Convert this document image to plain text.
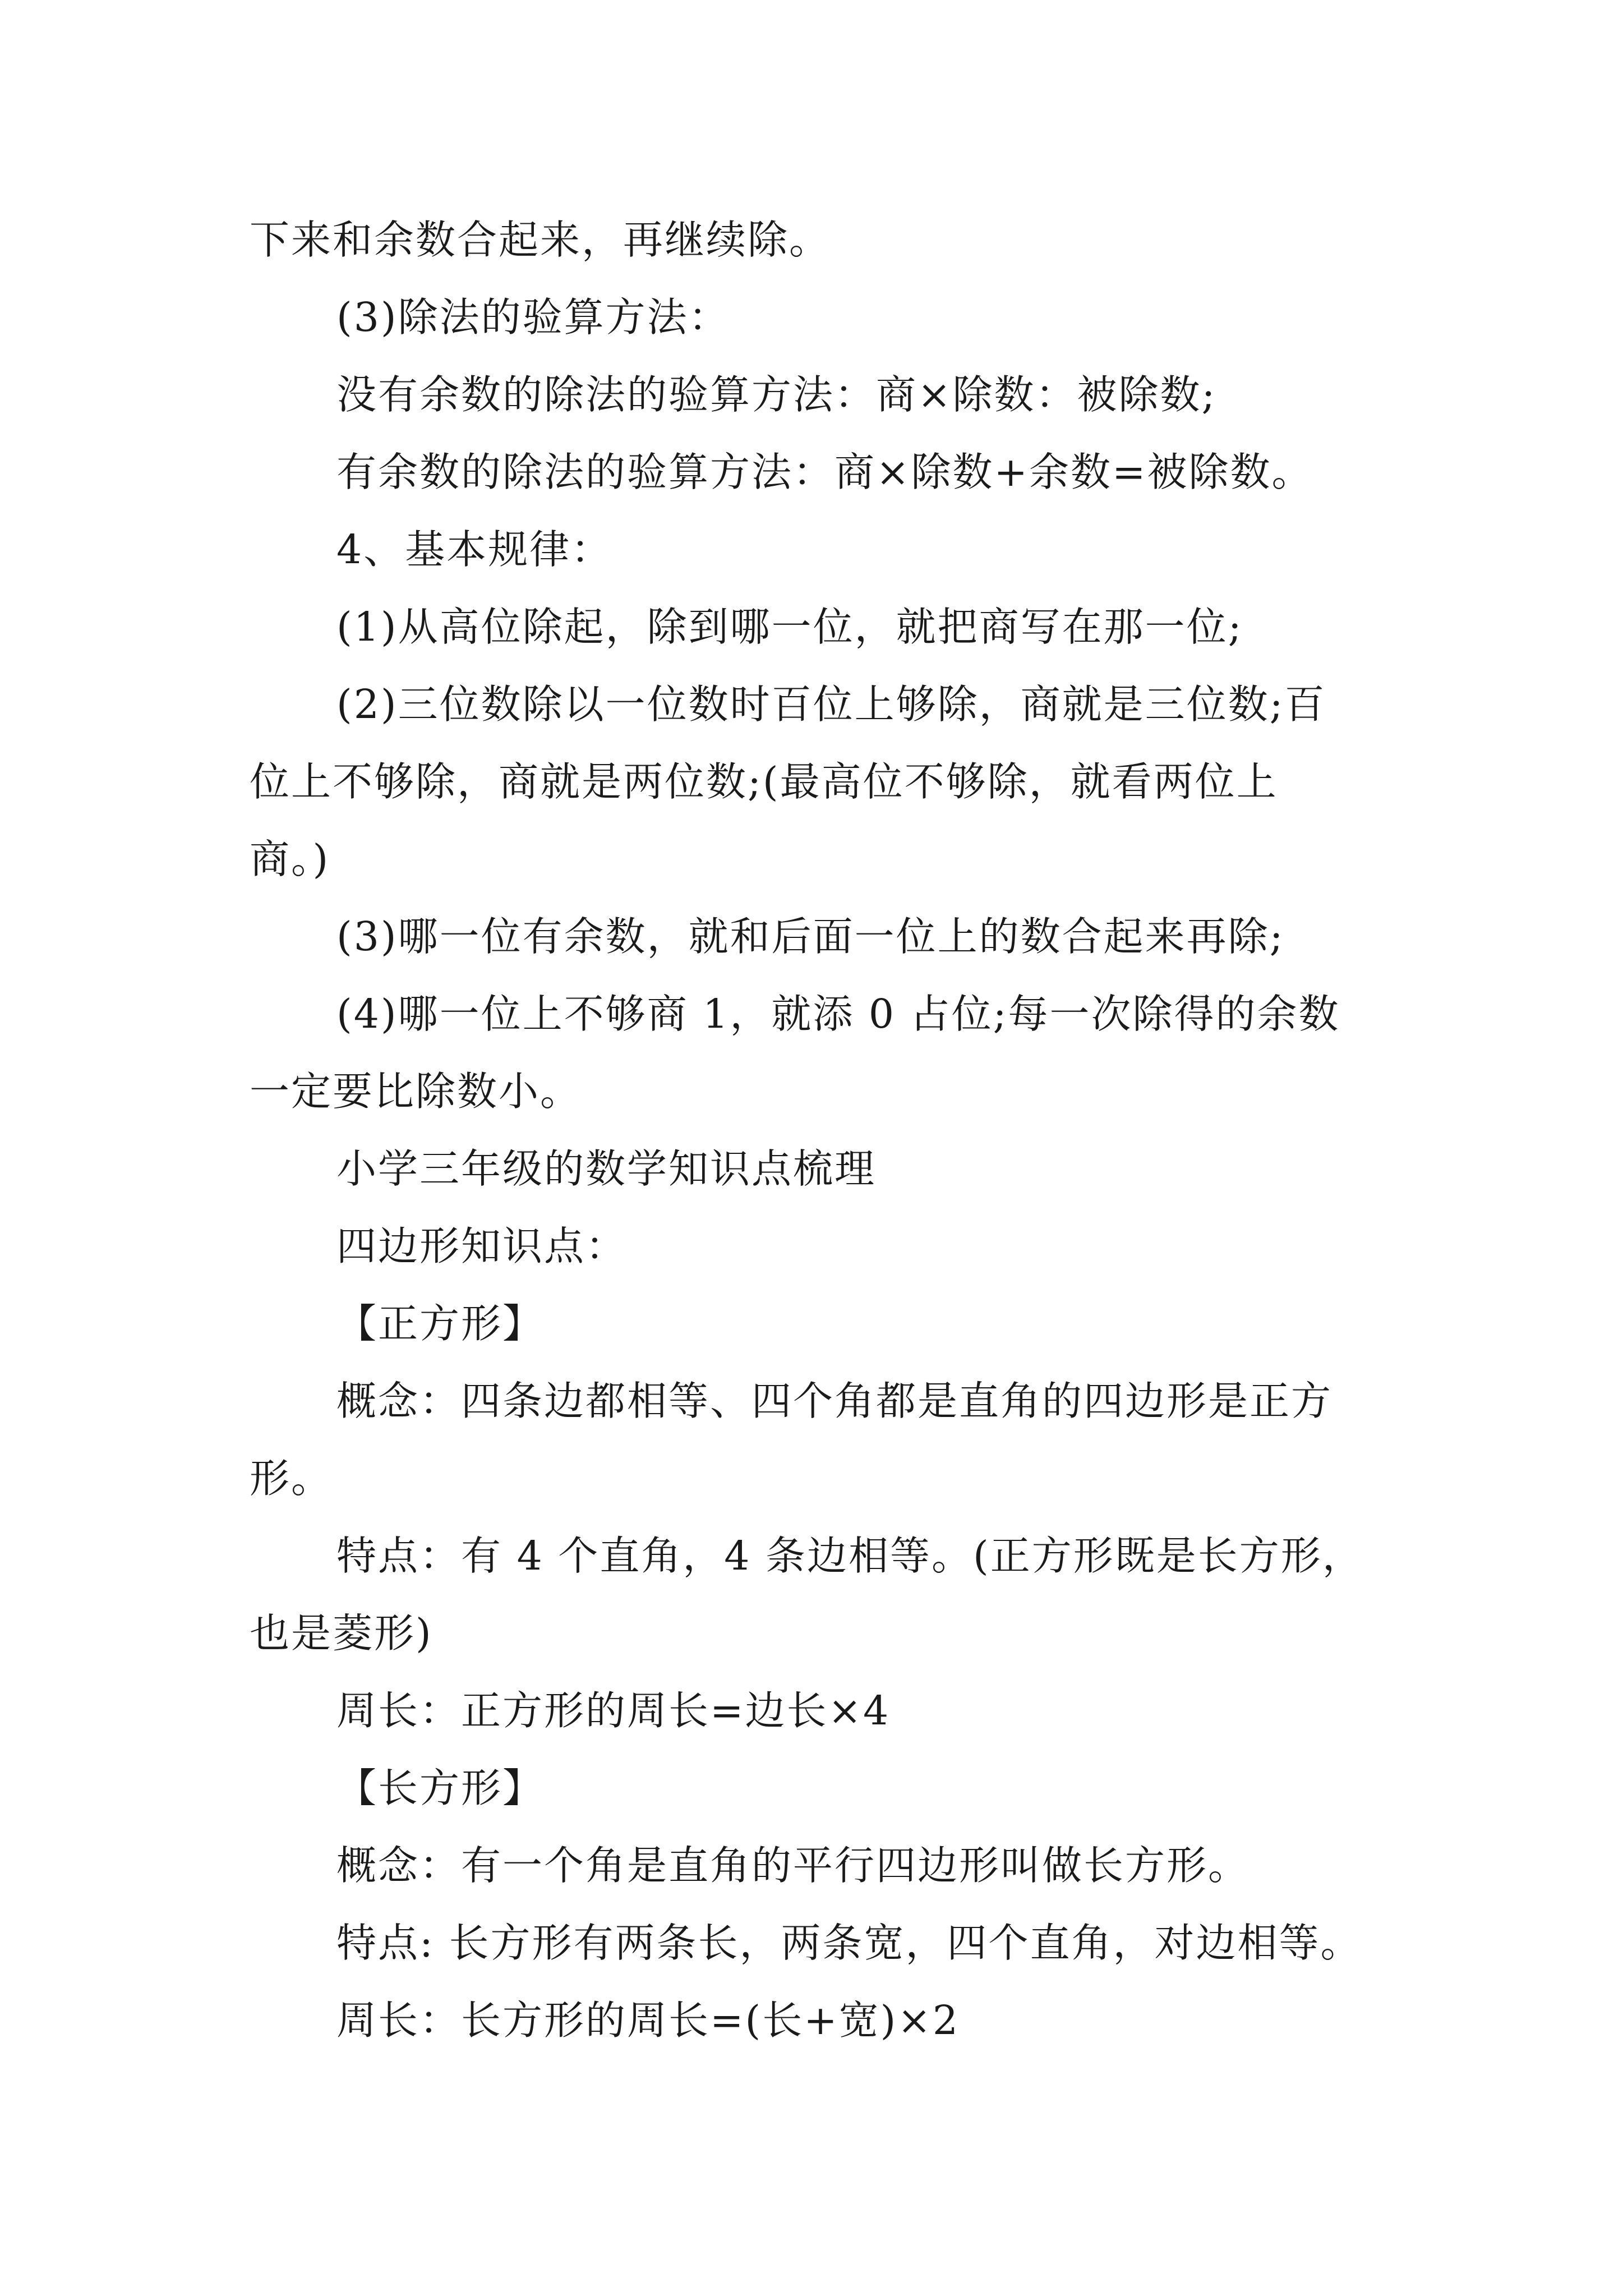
下来和余数合起来，再继续除。
(3)除法的验算方法：
没有余数的除法的验算方法：商×除数：被除数;
有余数的除法的验算方法：商×除数+余数=被除数。
4、基本规律：
(1)从高位除起，除到哪一位，就把商写在那一位;
(2)三位数除以一位数时百位上够除，商就是三位数;百
位上不够除，商就是两位数;(最高位不够除，就看两位上
商。)
(3)哪一位有余数，就和后面一位上的数合起来再除;
(4)哪一位上不够商 1，就添 0 占位;每一次除得的余数
一定要比除数小。
小学三年级的数学知识点梳理
四边形知识点：
【正方形】
概念：四条边都相等、四个角都是直角的四边形是正方
形。
特点：有 4 个直角，4 条边相等。(正方形既是长方形，
也是菱形)
周长：正方形的周长=边长×4
【长方形】
概念：有一个角是直角的平行四边形叫做长方形。
特点: 长方形有两条长，两条宽，四个直角，对边相等。
周长：长方形的周长=(长+宽)×2
